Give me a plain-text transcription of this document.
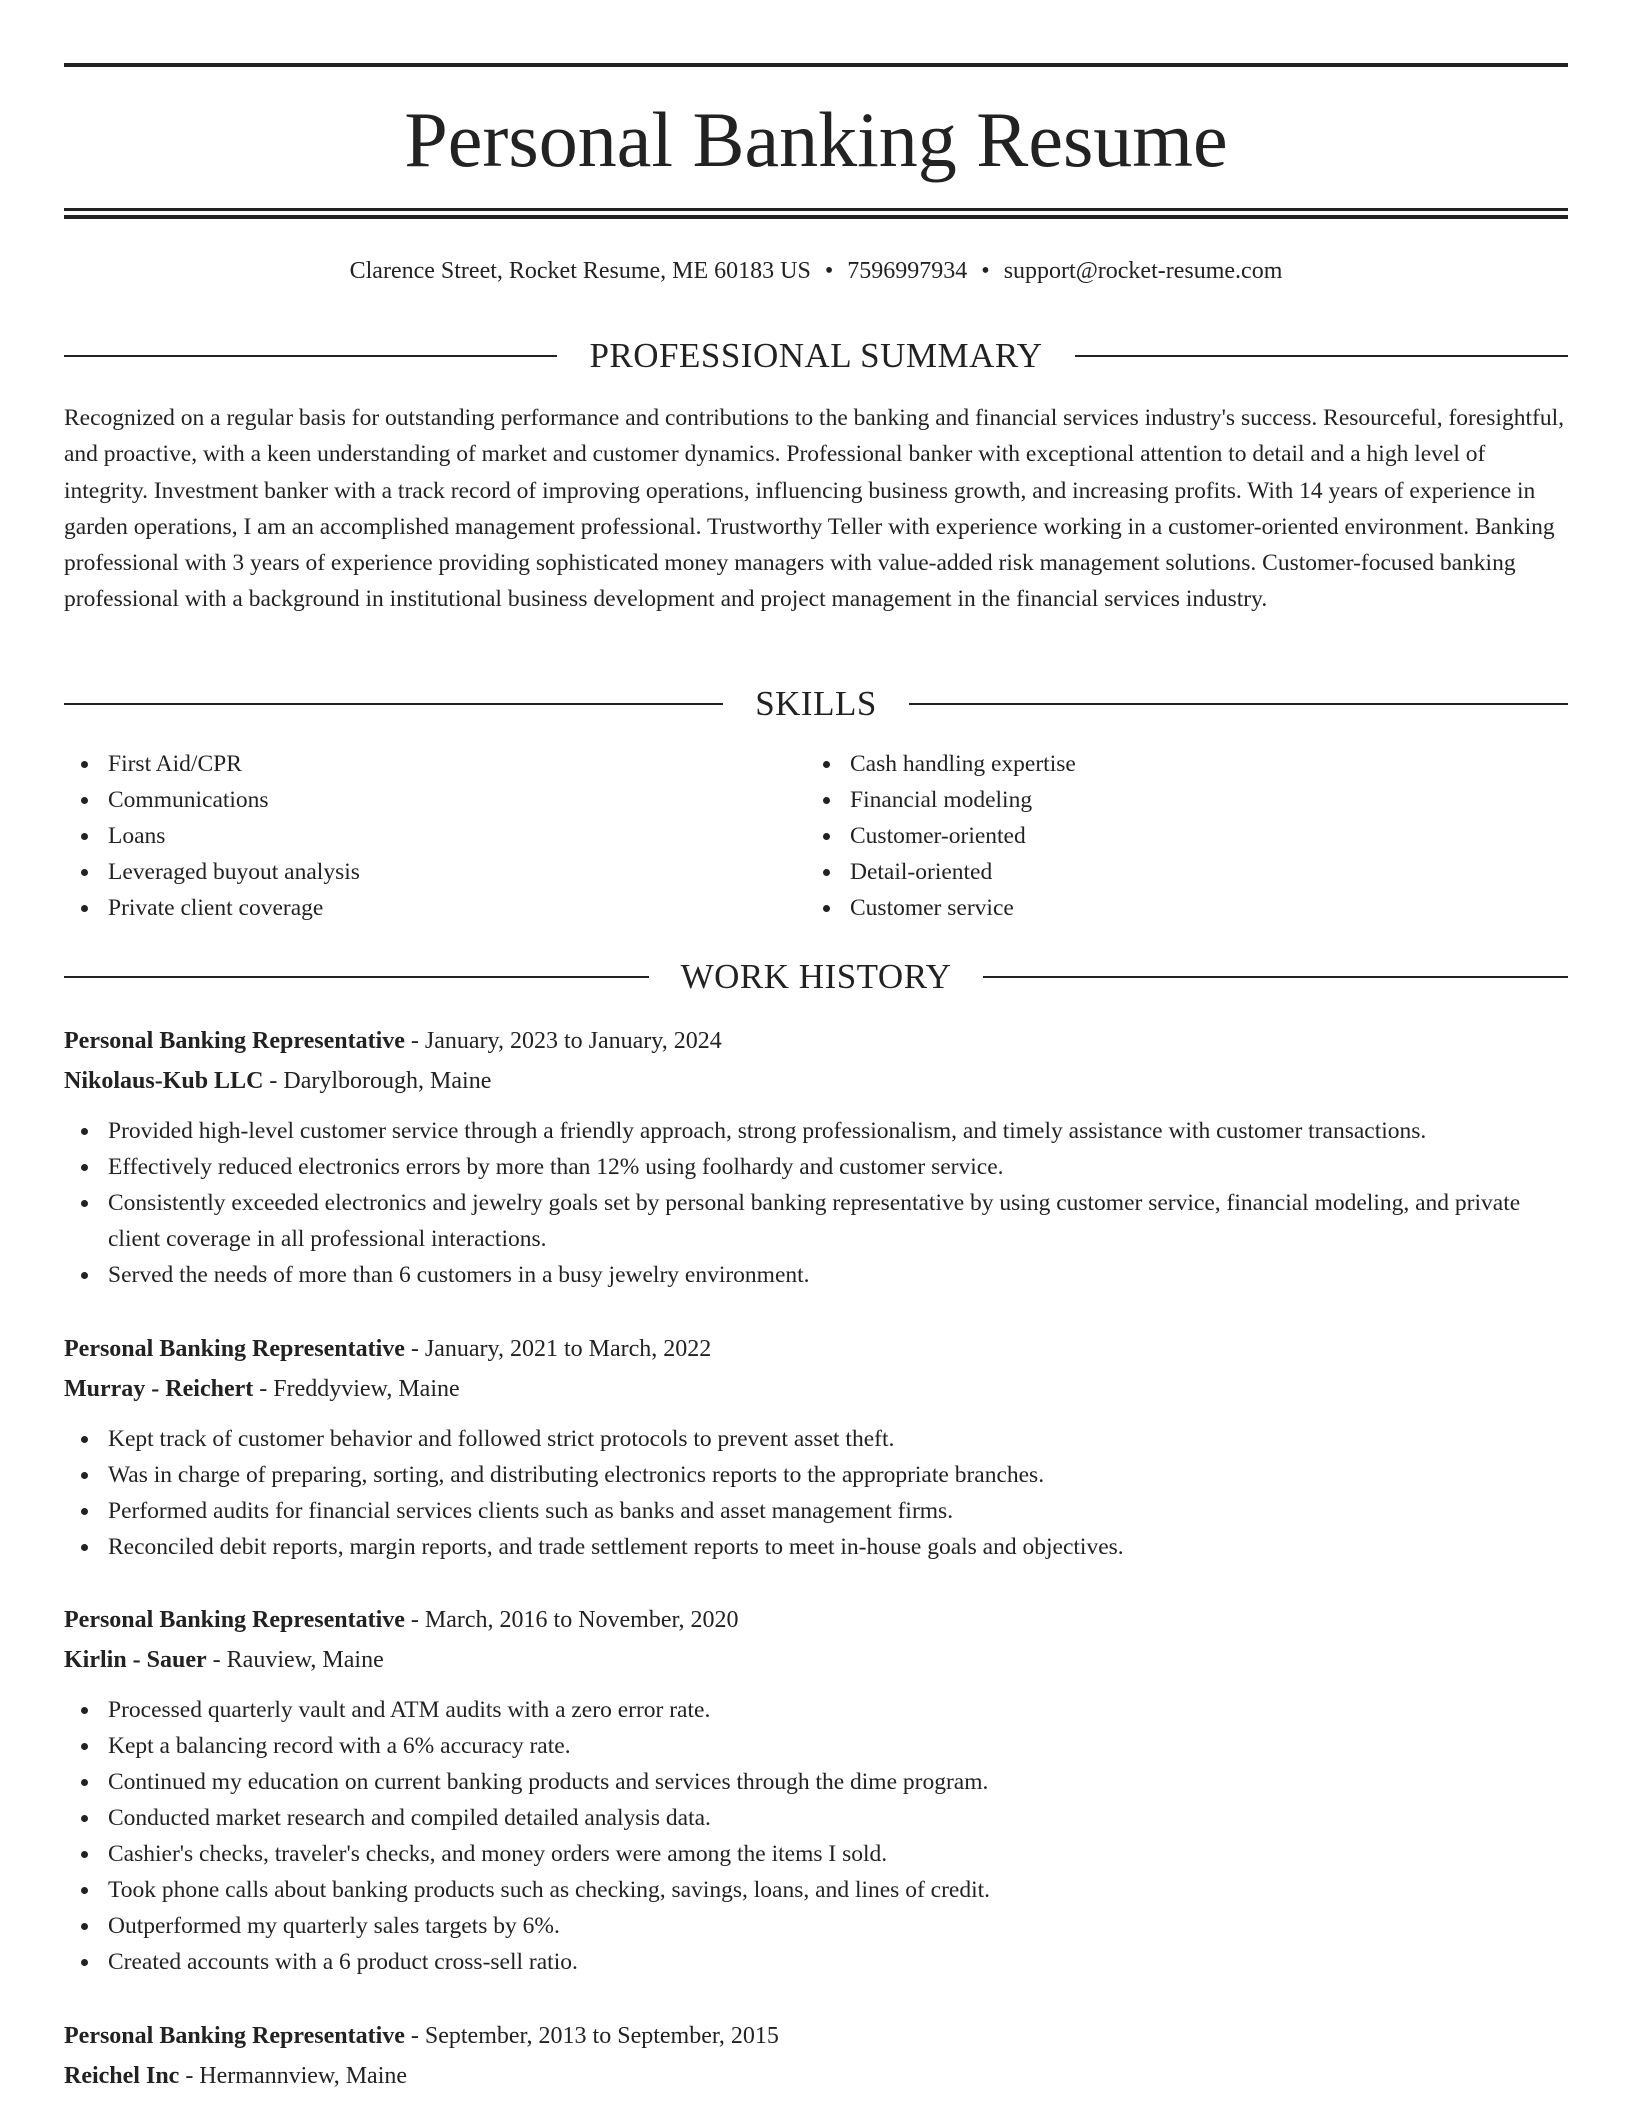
Personal Banking Resume
Clarence Street, Rocket Resume, ME 60183 US • 7596997934 • support@rocket-resume.com
PROFESSIONAL SUMMARY

Recognized on a regular basis for outstanding performance and contributions to the banking and financial services industry's success. Resourceful, foresightful, and proactive, with a keen understanding of market and customer dynamics. Professional banker with exceptional attention to detail and a high level of integrity. Investment banker with a track record of improving operations, influencing business growth, and increasing profits. With 14 years of experience in garden operations, I am an accomplished management professional. Trustworthy Teller with experience working in a customer-oriented environment. Banking professional with 3 years of experience providing sophisticated money managers with value-added risk management solutions. Customer-focused banking professional with a background in institutional business development and project management in the financial services industry.

SKILLS
First Aid/CPR
Communications
Loans
Leveraged buyout analysis
Private client coverage
Cash handling expertise
Financial modeling
Customer-oriented
Detail-oriented
Customer service
WORK HISTORY
Personal Banking Representative - January, 2023 to January, 2024
Nikolaus-Kub LLC - Darylborough, Maine
Provided high-level customer service through a friendly approach, strong professionalism, and timely assistance with customer transactions.
Effectively reduced electronics errors by more than 12% using foolhardy and customer service.
Consistently exceeded electronics and jewelry goals set by personal banking representative by using customer service, financial modeling, and private client coverage in all professional interactions.
Served the needs of more than 6 customers in a busy jewelry environment.
Personal Banking Representative - January, 2021 to March, 2022
Murray - Reichert - Freddyview, Maine
Kept track of customer behavior and followed strict protocols to prevent asset theft.
Was in charge of preparing, sorting, and distributing electronics reports to the appropriate branches.
Performed audits for financial services clients such as banks and asset management firms.
Reconciled debit reports, margin reports, and trade settlement reports to meet in-house goals and objectives.
Personal Banking Representative - March, 2016 to November, 2020
Kirlin - Sauer - Rauview, Maine
Processed quarterly vault and ATM audits with a zero error rate.
Kept a balancing record with a 6% accuracy rate.
Continued my education on current banking products and services through the dime program.
Conducted market research and compiled detailed analysis data.
Cashier's checks, traveler's checks, and money orders were among the items I sold.
Took phone calls about banking products such as checking, savings, loans, and lines of credit.
Outperformed my quarterly sales targets by 6%.
Created accounts with a 6 product cross-sell ratio.
Personal Banking Representative - September, 2013 to September, 2015
Reichel Inc - Hermannview, Maine
